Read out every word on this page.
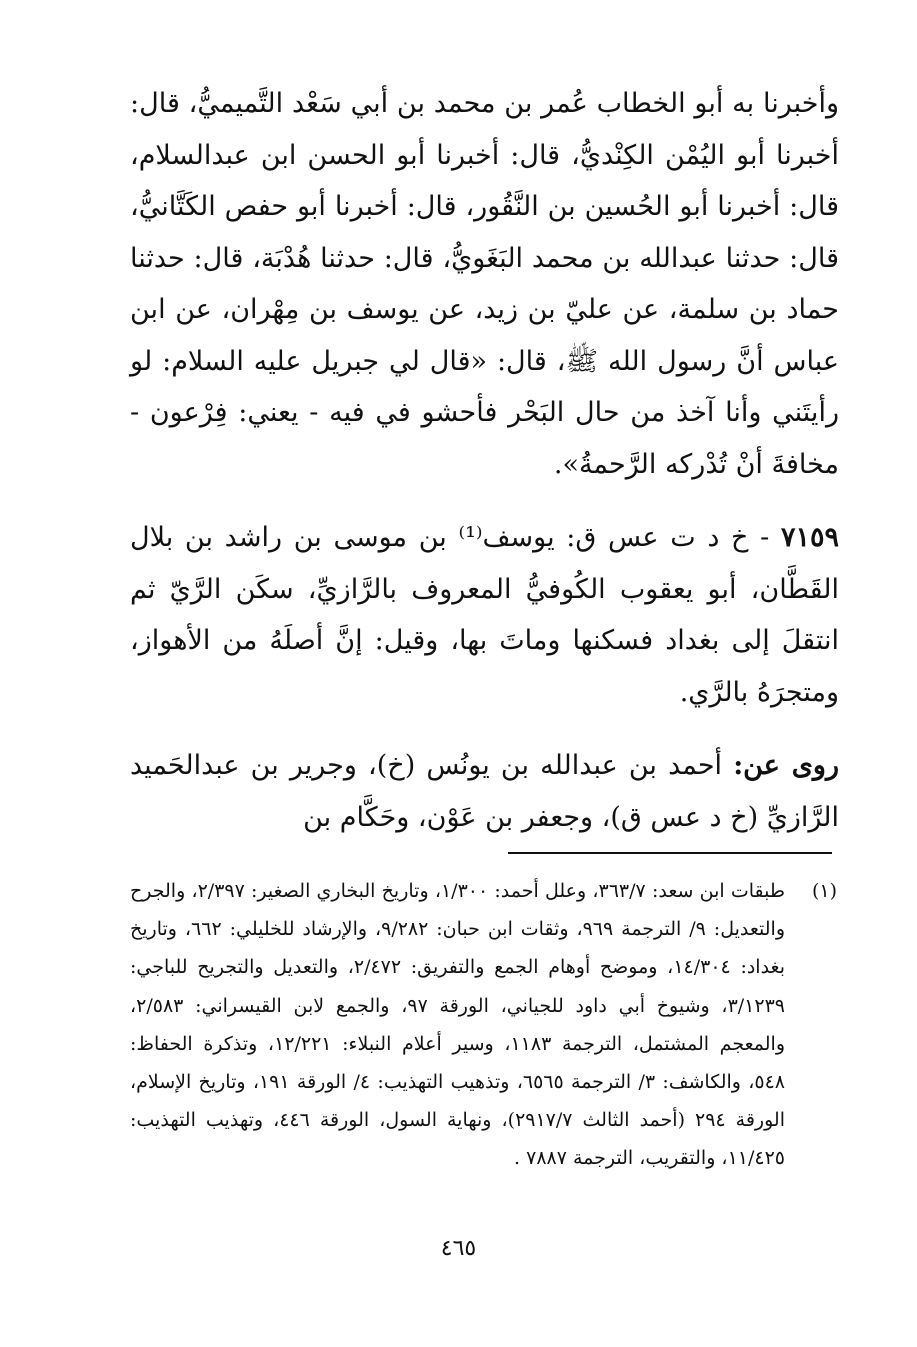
وأخبرنا به أبو الخطاب عُمر بن محمد بن أبي سَعْد التَّميميُّ، قال: أخبرنا أبو اليُمْن الكِنْديُّ، قال: أخبرنا أبو الحسن ابن عبدالسلام، قال: أخبرنا أبو الحُسين بن النَّقُور، قال: أخبرنا أبو حفص الكَتَّانيُّ، قال: حدثنا عبدالله بن محمد البَغَويُّ، قال: حدثنا هُدْبَة، قال: حدثنا حماد بن سلمة، عن عليّ بن زيد، عن يوسف بن مِهْران، عن ابن عباس أنَّ رسول الله ﷺ، قال: «قال لي جبريل عليه السلام: لو رأيتَني وأنا آخذ من حال البَحْر فأحشو في فيه - يعني: فِرْعون - مخافةَ أنْ تُدْركه الرَّحمةُ».

٧١٥٩ - خ د ت عس ق: يوسف⁽¹⁾ بن موسى بن راشد بن بلال القَطَّان، أبو يعقوب الكُوفيُّ المعروف بالرَّازيِّ، سكَن الرَّيّ ثم انتقلَ إلى بغداد فسكنها وماتَ بها، وقيل: إنَّ أصلَهُ من الأهواز، ومتجرَهُ بالرَّي.

روى عن: أحمد بن عبدالله بن يونُس (خ)، وجرير بن عبدالحَميد الرَّازيِّ (خ د عس ق)، وجعفر بن عَوْن، وحَكَّام بن

(١)
طبقات ابن سعد: ٣٦٣/٧، وعلل أحمد: ١/٣٠٠، وتاريخ البخاري الصغير: ٢/٣٩٧، والجرح والتعديل: ٩/ الترجمة ٩٦٩، وثقات ابن حبان: ٩/٢٨٢، والإرشاد للخليلي: ٦٦٢، وتاريخ بغداد: ١٤/٣٠٤، وموضح أوهام الجمع والتفريق: ٢/٤٧٢، والتعديل والتجريح للباجي: ٣/١٢٣٩، وشيوخ أبي داود للجياني، الورقة ٩٧، والجمع لابن القيسراني: ٢/٥٨٣، والمعجم المشتمل، الترجمة ١١٨٣، وسير أعلام النبلاء: ١٢/٢٢١، وتذكرة الحفاظ: ٥٤٨، والكاشف: ٣/ الترجمة ٦٥٦٥، وتذهيب التهذيب: ٤/ الورقة ١٩١، وتاريخ الإسلام، الورقة ٢٩٤ (أحمد الثالث ٢٩١٧/٧)، ونهاية السول، الورقة ٤٤٦، وتهذيب التهذيب: ١١/٤٢٥، والتقريب، الترجمة ٧٨٨٧ .
٤٦٥
